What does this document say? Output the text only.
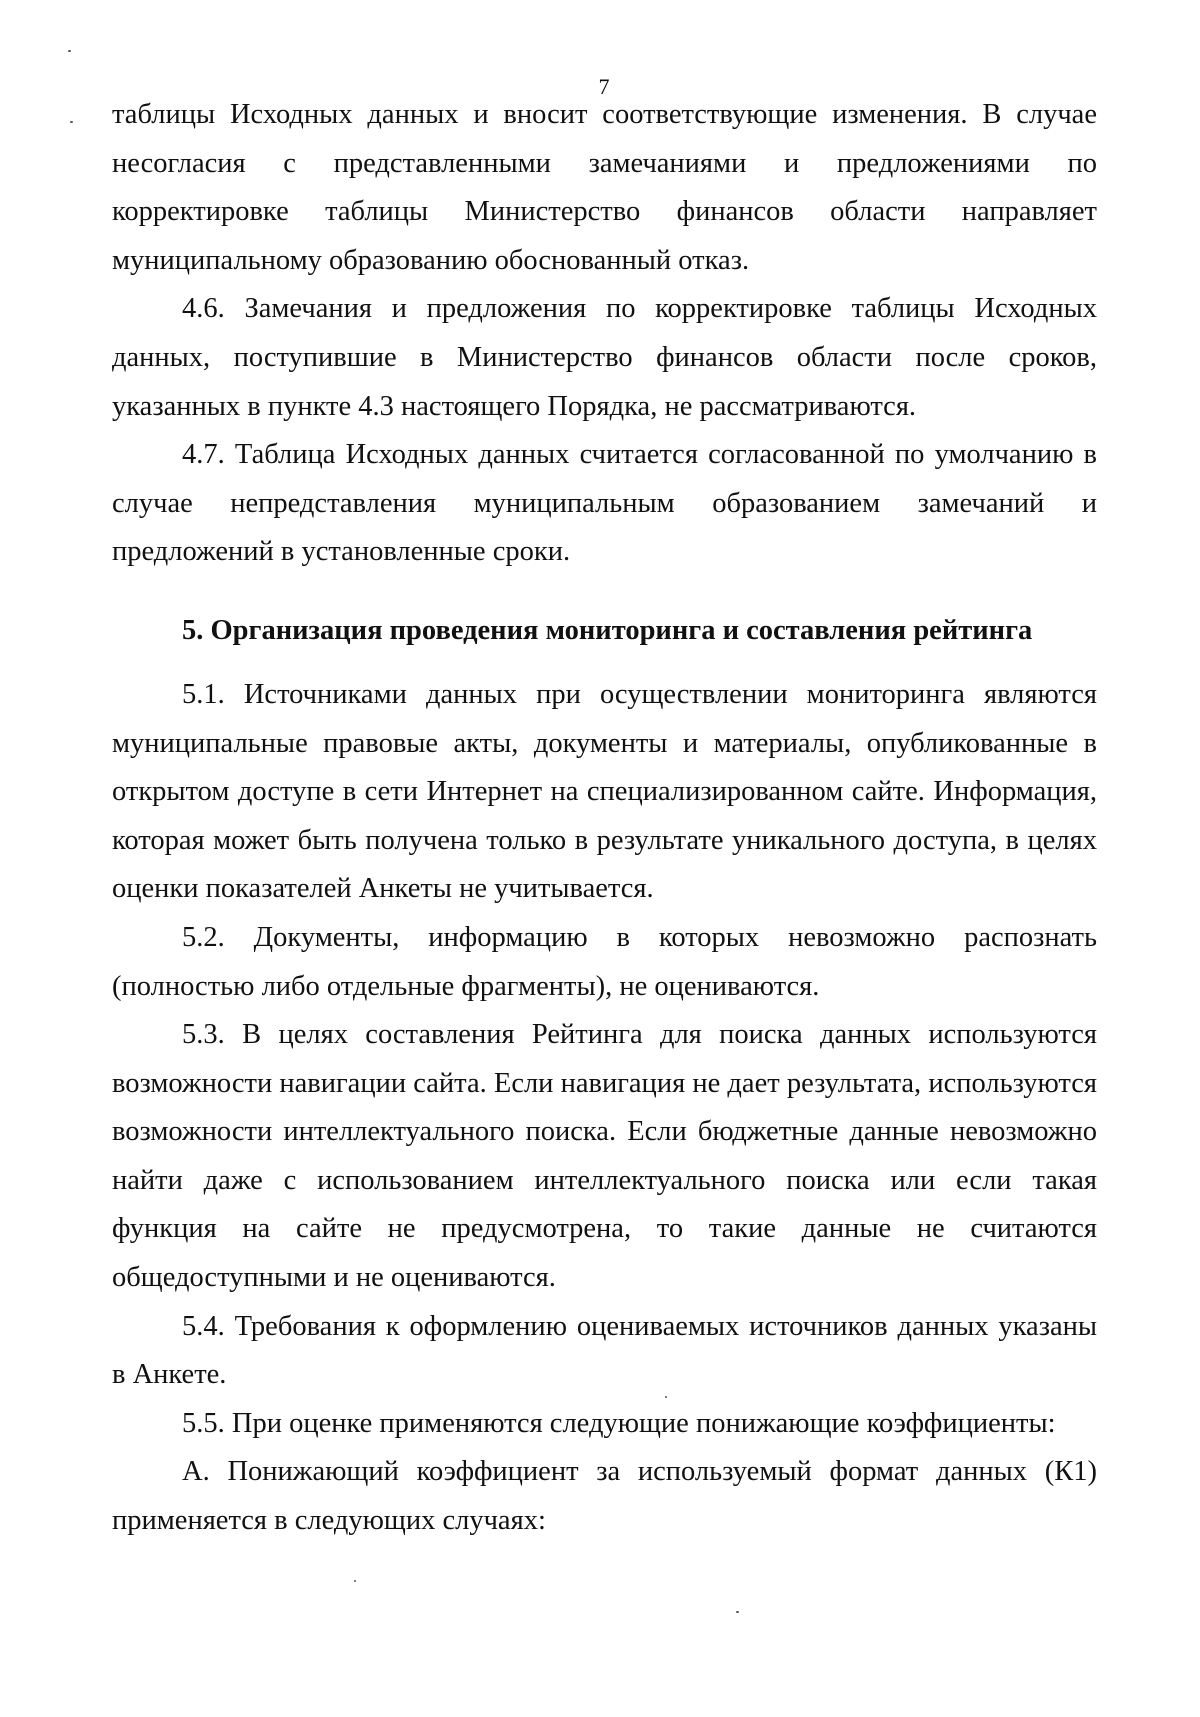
7

таблицы Исходных данных и вносит соответствующие изменения. В случае несогласия с представленными замечаниями и предложениями по корректировке таблицы Министерство финансов области направляет муниципальному образованию обоснованный отказ.

4.6. Замечания и предложения по корректировке таблицы Исходных данных, поступившие в Министерство финансов области после сроков, указанных в пункте 4.3 настоящего Порядка, не рассматриваются.

4.7. Таблица Исходных данных считается согласованной по умолчанию в случае непредставления муниципальным образованием замечаний и предложений в установленные сроки.

5. Организация проведения мониторинга и составления рейтинга

5.1. Источниками данных при осуществлении мониторинга являются муниципальные правовые акты, документы и материалы, опубликованные в открытом доступе в сети Интернет на специализированном сайте. Информация, которая может быть получена только в результате уникального доступа, в целях оценки показателей Анкеты не учитывается.

5.2. Документы, информацию в которых невозможно распознать (полностью либо отдельные фрагменты), не оцениваются.

5.3. В целях составления Рейтинга для поиска данных используются возможности навигации сайта. Если навигация не дает результата, используются возможности интеллектуального поиска. Если бюджетные данные невозможно найти даже с использованием интеллектуального поиска или если такая функция на сайте не предусмотрена, то такие данные не считаются общедоступными и не оцениваются.

5.4. Требования к оформлению оцениваемых источников данных указаны в Анкете.

5.5. При оценке применяются следующие понижающие коэффициенты:

А. Понижающий коэффициент за используемый формат данных (К1) применяется в следующих случаях:
